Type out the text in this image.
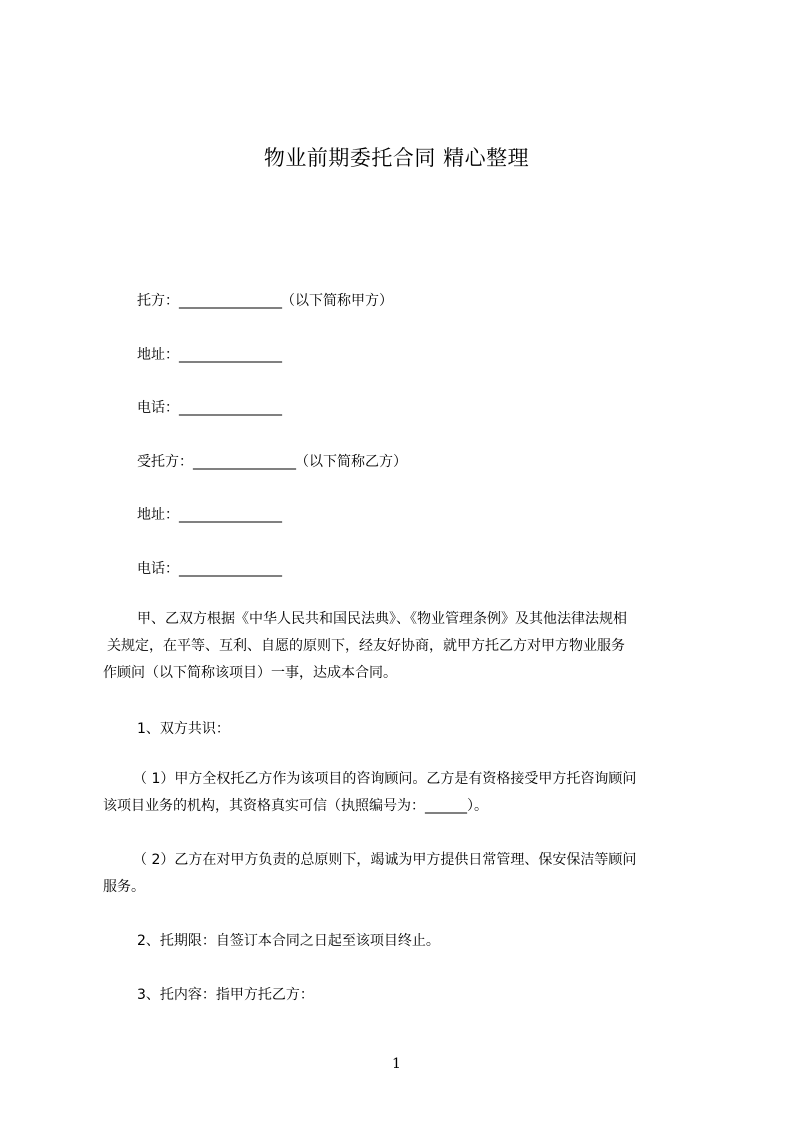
物业前期委托合同 精心整理
托方：_________________（以下简称甲方）
地址：_________________
电话：_________________
受托方：_________________（以下简称乙方）
地址：_________________
电话：_________________
甲、乙双方根据《中华人民共和国民法典》、《物业管理条例》及其他法律法规相
关规定，在平等、互利、自愿的原则下，经友好协商，就甲方托乙方对甲方物业服务
作顾问（以下简称该项目）一事，达成本合同。
1、双方共识：
（ 1）甲方全权托乙方作为该项目的咨询顾问。乙方是有资格接受甲方托咨询顾问
该项目业务的机构，其资格真实可信（执照编号为：______）。
（ 2）乙方在对甲方负责的总原则下，竭诚为甲方提供日常管理、保安保洁等顾问
服务。
2、托期限：自签订本合同之日起至该项目终止。
3、托内容：指甲方托乙方：
1
